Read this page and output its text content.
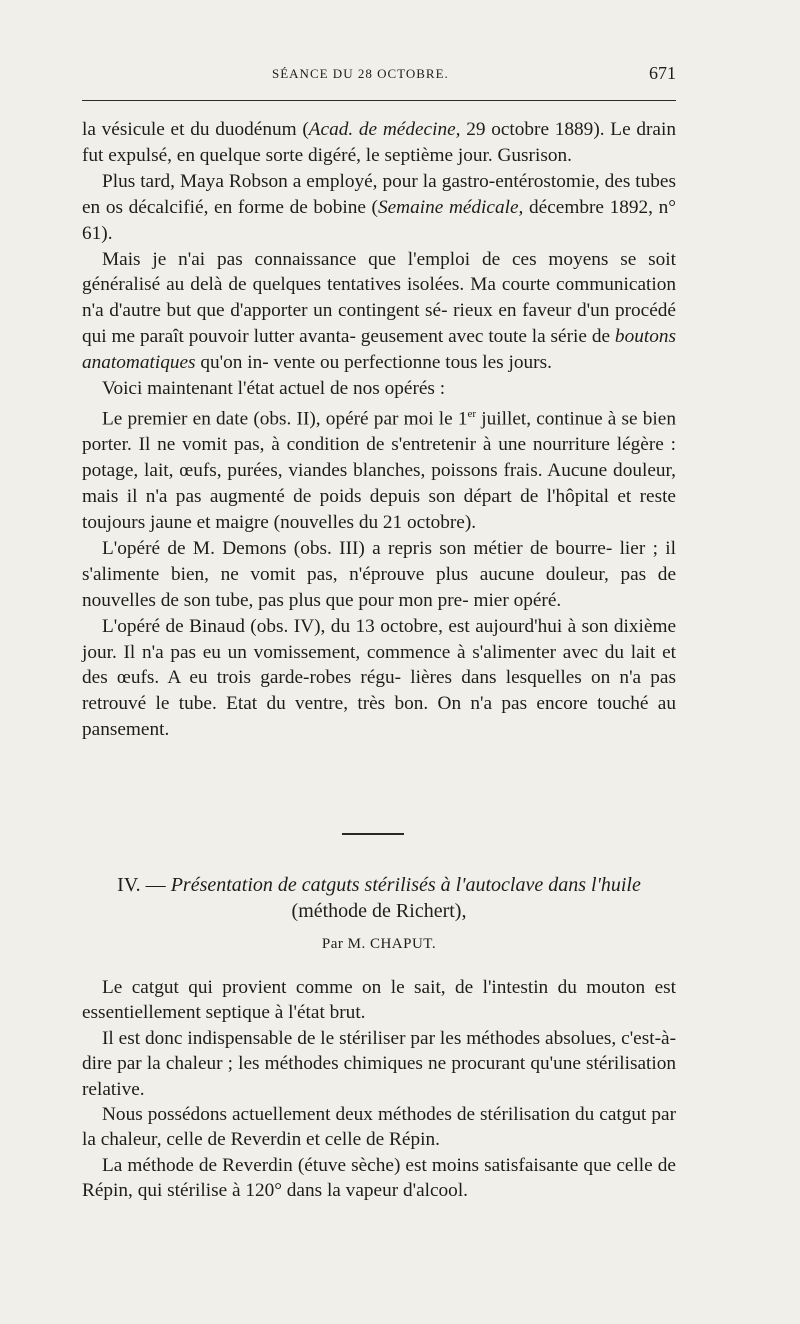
SÉANCE DU 28 OCTOBRE.	671

la vésicule et du duodénum (Acad. de médecine, 29 octobre 1889). Le drain fut expulsé, en quelque sorte digéré, le septième jour. Gusrison.

Plus tard, Maya Robson a employé, pour la gastro-entérostomie, des tubes en os décalcifié, en forme de bobine (Semaine médicale, décembre 1892, n° 61).

Mais je n'ai pas connaissance que l'emploi de ces moyens se soit généralisé au delà de quelques tentatives isolées. Ma courte communication n'a d'autre but que d'apporter un contingent sé- rieux en faveur d'un procédé qui me paraît pouvoir lutter avanta- geusement avec toute la série de boutons anatomatiques qu'on in- vente ou perfectionne tous les jours.

Voici maintenant l'état actuel de nos opérés :

Le premier en date (obs. II), opéré par moi le 1er juillet, continue à se bien porter. Il ne vomit pas, à condition de s'entretenir à une nourriture légère : potage, lait, œufs, purées, viandes blanches, poissons frais. Aucune douleur, mais il n'a pas augmenté de poids depuis son départ de l'hôpital et reste toujours jaune et maigre (nouvelles du 21 octobre).

L'opéré de M. Demons (obs. III) a repris son métier de bourre- lier ; il s'alimente bien, ne vomit pas, n'éprouve plus aucune douleur, pas de nouvelles de son tube, pas plus que pour mon pre- mier opéré.

L'opéré de Binaud (obs. IV), du 13 octobre, est aujourd'hui à son dixième jour. Il n'a pas eu un vomissement, commence à s'alimenter avec du lait et des œufs. A eu trois garde-robes régu- lières dans lesquelles on n'a pas retrouvé le tube. Etat du ventre, très bon. On n'a pas encore touché au pansement.

IV. — Présentation de catguts stérilisés à l'autoclave dans l'huile

(méthode de Richert),

Par M. CHAPUT.

Le catgut qui provient comme on le sait, de l'intestin du mouton est essentiellement septique à l'état brut.

Il est donc indispensable de le stériliser par les méthodes absolues, c'est-à-dire par la chaleur ; les méthodes chimiques ne procurant qu'une stérilisation relative.

Nous possédons actuellement deux méthodes de stérilisation du catgut par la chaleur, celle de Reverdin et celle de Répin.

La méthode de Reverdin (étuve sèche) est moins satisfaisante que celle de Répin, qui stérilise à 120° dans la vapeur d'alcool.
